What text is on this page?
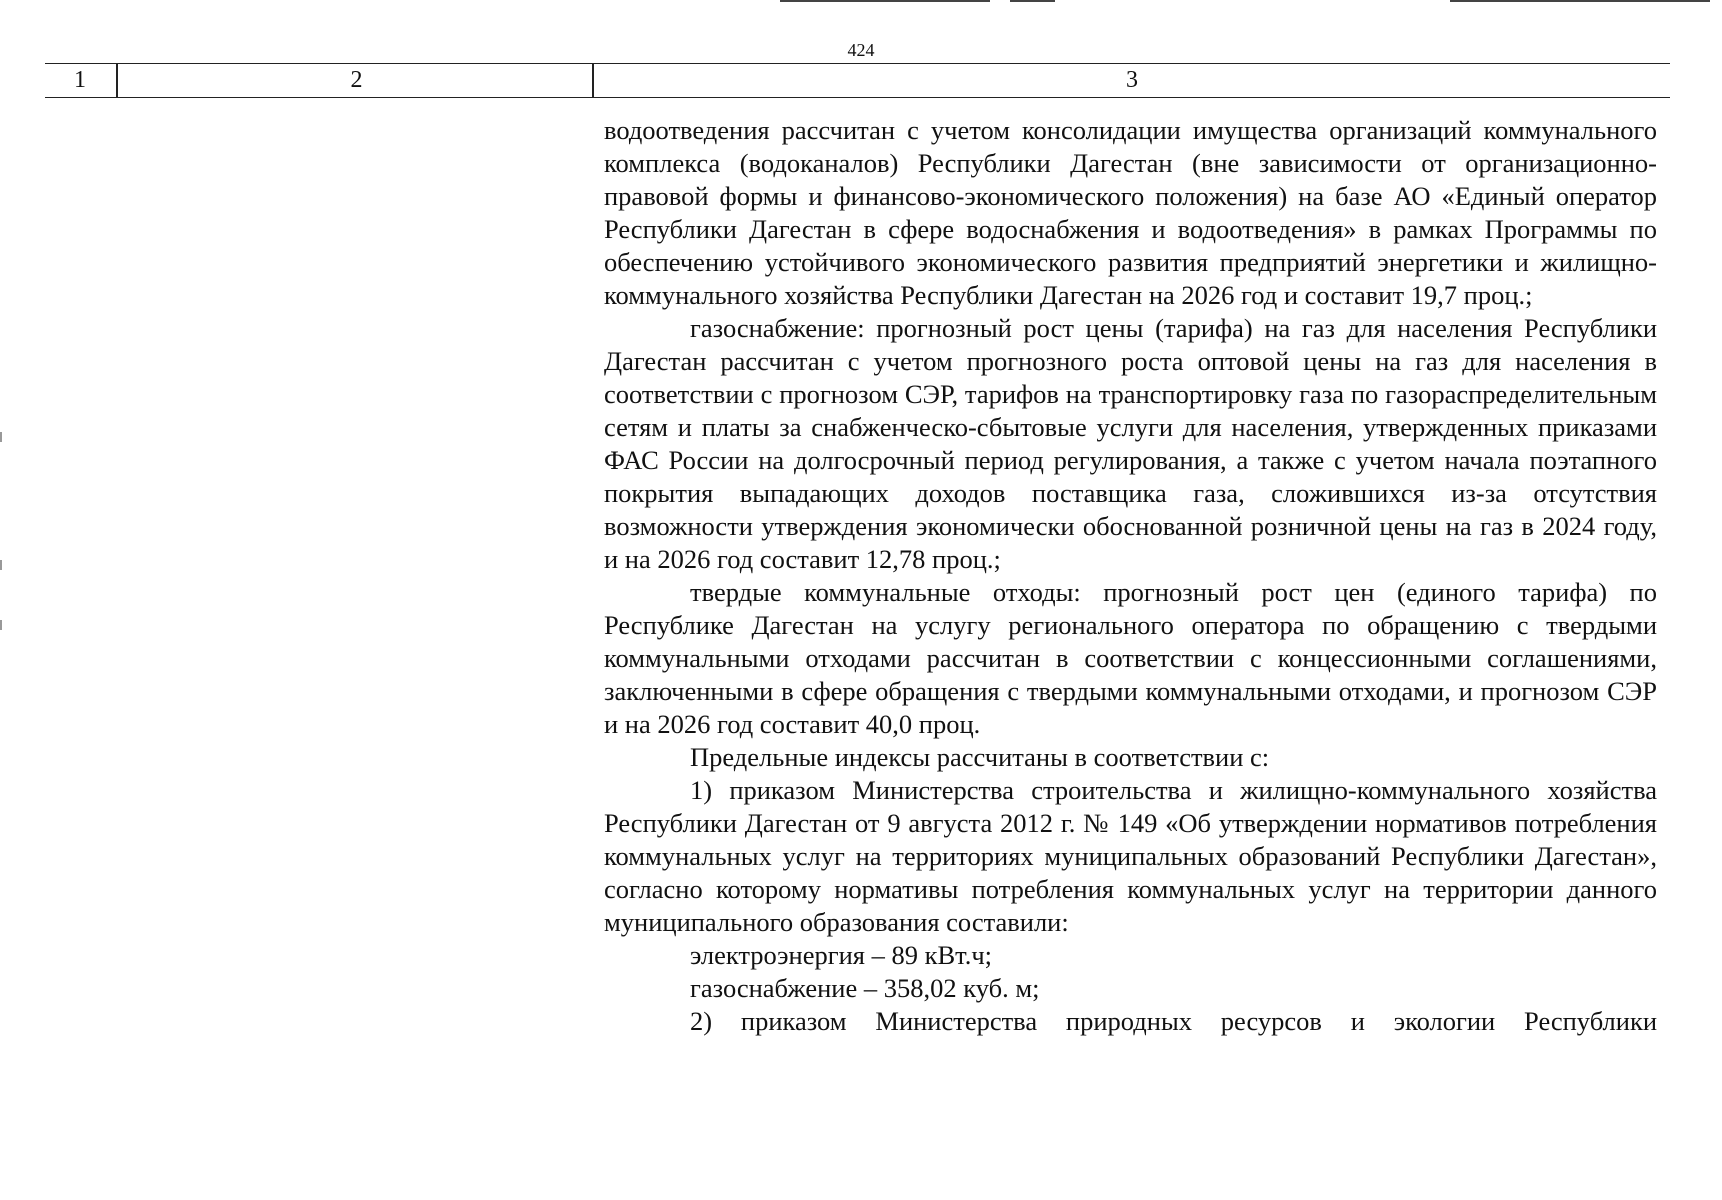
424
1	2	3

водоотведения рассчитан с учетом консолидации имущества организаций коммунального комплекса (водоканалов) Республики Дагестан (вне зависимости от организационно-правовой формы и финансово-экономического положения) на базе АО «Единый оператор Республики Дагестан в сфере водоснабжения и водоотведения» в рамках Программы по обеспечению устойчивого экономического развития предприятий энергетики и жилищно-коммунального хозяйства Республики Дагестан на 2026 год и составит 19,7 проц.;

газоснабжение: прогнозный рост цены (тарифа) на газ для населения Республики Дагестан рассчитан с учетом прогнозного роста оптовой цены на газ для населения в соответствии с прогнозом СЭР, тарифов на транспортировку газа по газораспределительным сетям и платы за снабженческо-сбытовые услуги для населения, утвержденных приказами ФАС России на долгосрочный период регулирования, а также с учетом начала поэтапного покрытия выпадающих доходов поставщика газа, сложившихся из-за отсутствия возможности утверждения экономически обоснованной розничной цены на газ в 2024 году, и на 2026 год составит 12,78 проц.;

твердые коммунальные отходы: прогнозный рост цен (единого тарифа) по Республике Дагестан на услугу регионального оператора по обращению с твердыми коммунальными отходами рассчитан в соответствии с концессионными соглашениями, заключенными в сфере обращения с твердыми коммунальными отходами, и прогнозом СЭР и на 2026 год составит 40,0 проц.

Предельные индексы рассчитаны в соответствии с:

1) приказом Министерства строительства и жилищно-коммунального хозяйства Республики Дагестан от 9 августа 2012 г. № 149 «Об утверждении нормативов потребления коммунальных услуг на территориях муниципальных образований Республики Дагестан», согласно которому нормативы потребления коммунальных услуг на территории данного муниципального образования составили:

электроэнергия – 89 кВт.ч;

газоснабжение – 358,02 куб. м;

2) приказом Министерства природных ресурсов и экологии Республики
